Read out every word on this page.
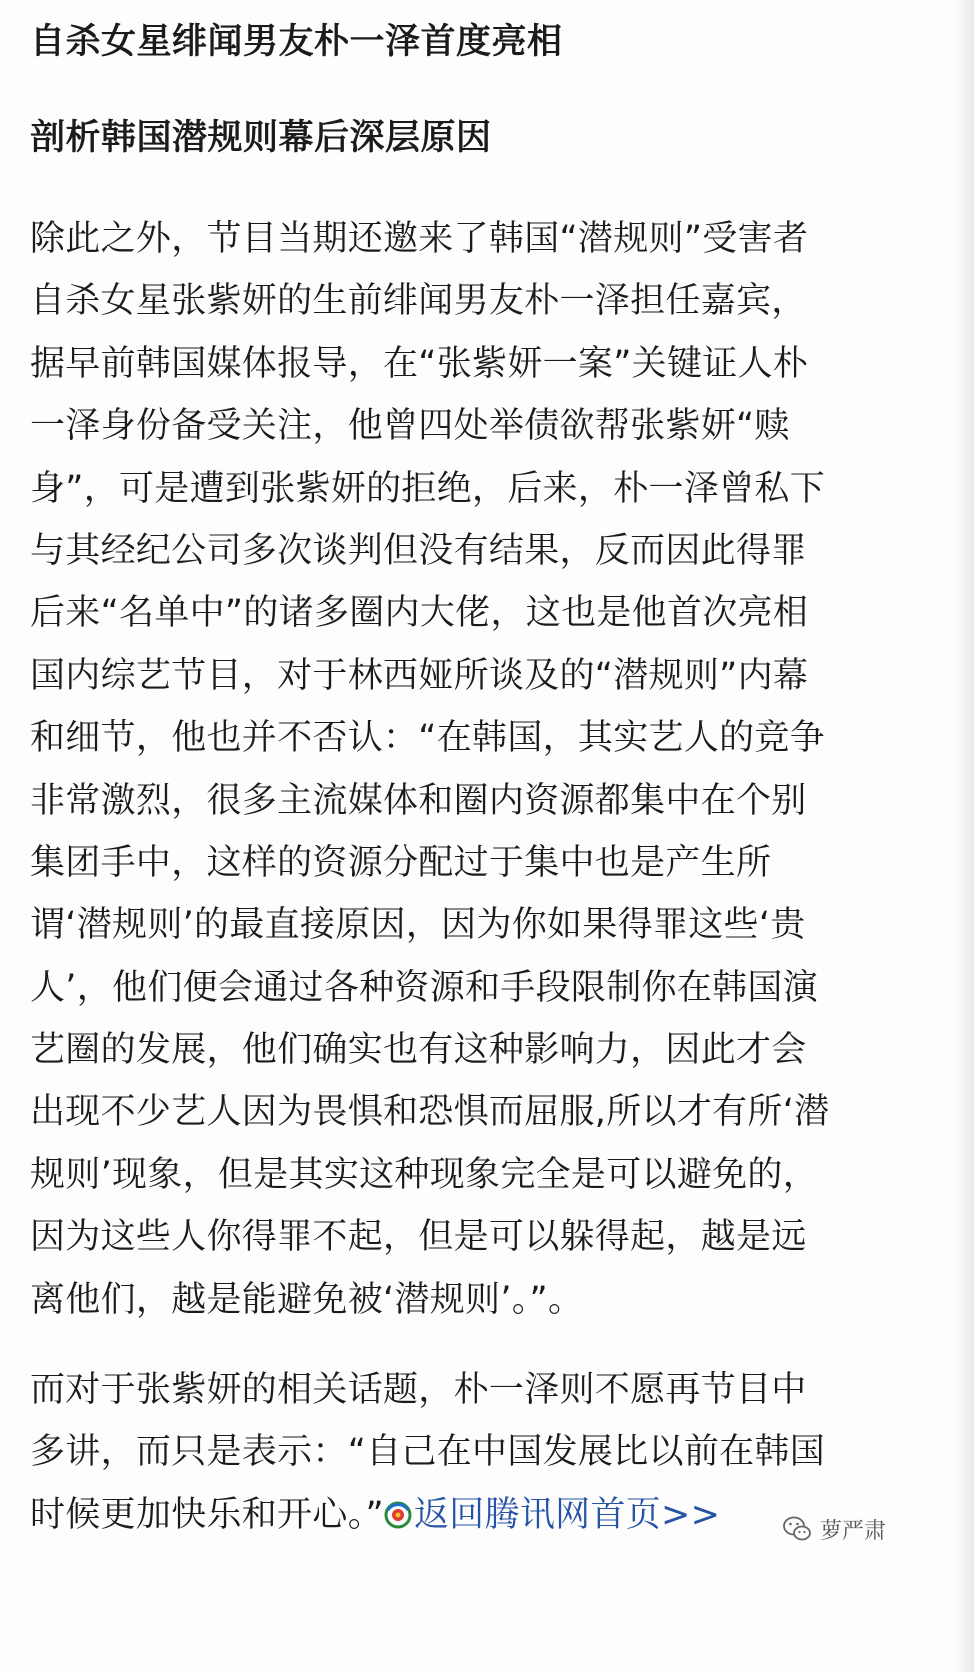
自杀女星绯闻男友朴一泽首度亮相
剖析韩国潜规则幕后深层原因
除此之外，节目当期还邀来了韩国“潜规则”受害者
自杀女星张紫妍的生前绯闻男友朴一泽担任嘉宾，
据早前韩国媒体报导，在“张紫妍一案”关键证人朴
一泽身份备受关注，他曾四处举债欲帮张紫妍“赎
身”，可是遭到张紫妍的拒绝，后来，朴一泽曾私下
与其经纪公司多次谈判但没有结果，反而因此得罪
后来“名单中”的诸多圈内大佬，这也是他首次亮相
国内综艺节目，对于林西娅所谈及的“潜规则”内幕
和细节，他也并不否认：“在韩国，其实艺人的竞争
非常激烈，很多主流媒体和圈内资源都集中在个别
集团手中，这样的资源分配过于集中也是产生所
谓‘潜规则’的最直接原因，因为你如果得罪这些‘贵
人’，他们便会通过各种资源和手段限制你在韩国演
艺圈的发展，他们确实也有这种影响力，因此才会
出现不少艺人因为畏惧和恐惧而屈服,所以才有所‘潜
规则’现象，但是其实这种现象完全是可以避免的，
因为这些人你得罪不起，但是可以躲得起，越是远
离他们，越是能避免被‘潜规则’。”。
而对于张紫妍的相关话题，朴一泽则不愿再节目中
多讲，而只是表示：“自己在中国发展比以前在韩国
时候更加快乐和开心。” 返回腾讯网首页>>	萝严肃
